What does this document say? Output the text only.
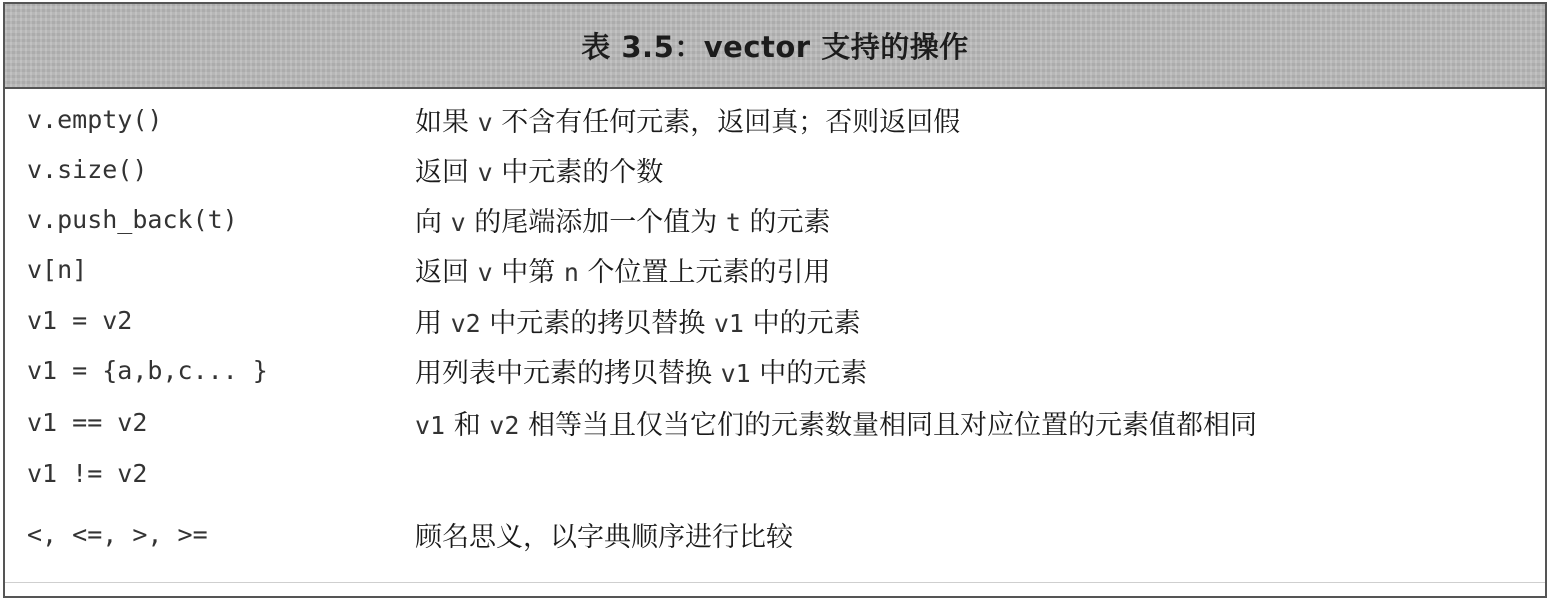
表 3.5：vector 支持的操作
v.empty()	如果 v 不含有任何元素，返回真；否则返回假
v.size()	返回 v 中元素的个数
v.push_back(t)	向 v 的尾端添加一个值为 t 的元素
v[n]	返回 v 中第 n 个位置上元素的引用
v1 = v2	用 v2 中元素的拷贝替换 v1 中的元素
v1 = {a,b,c... }	用列表中元素的拷贝替换 v1 中的元素
v1 == v2	v1 和 v2 相等当且仅当它们的元素数量相同且对应位置的元素值都相同
v1 != v2
<, <=, >, >=	顾名思义，以字典顺序进行比较
